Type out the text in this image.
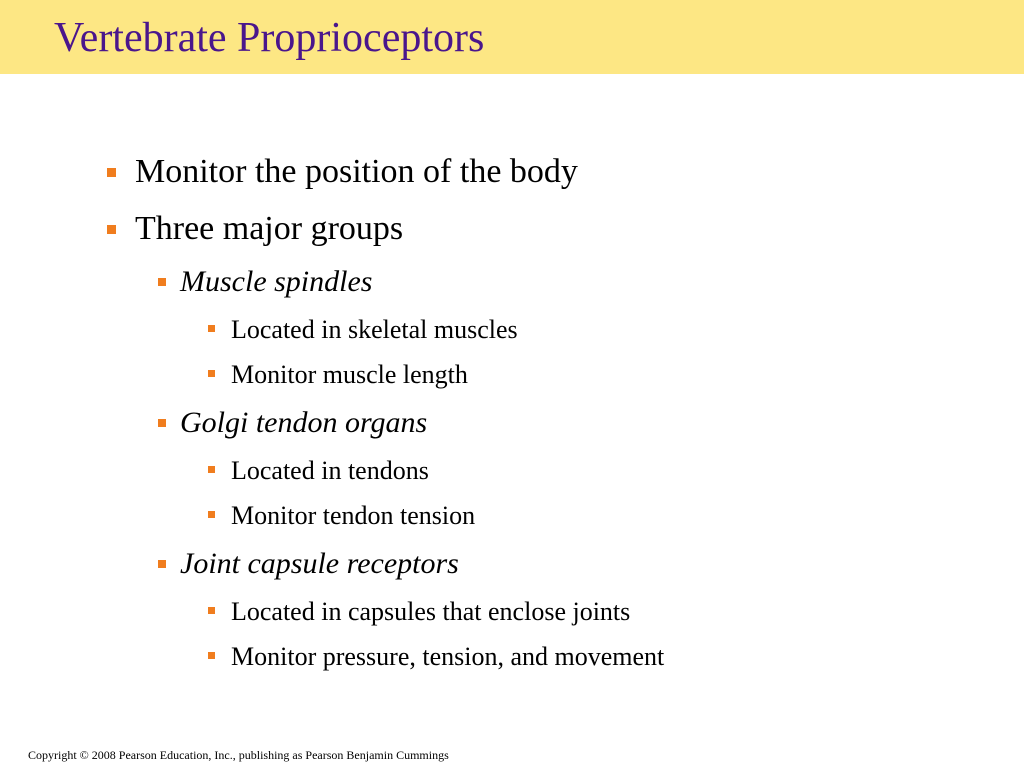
Vertebrate Proprioceptors
Monitor the position of the body
Three major groups
Muscle spindles
Located in skeletal muscles
Monitor muscle length
Golgi tendon organs
Located in tendons
Monitor tendon tension
Joint capsule receptors
Located in capsules that enclose joints
Monitor pressure, tension, and movement
Copyright © 2008 Pearson Education, Inc., publishing as Pearson Benjamin Cummings
